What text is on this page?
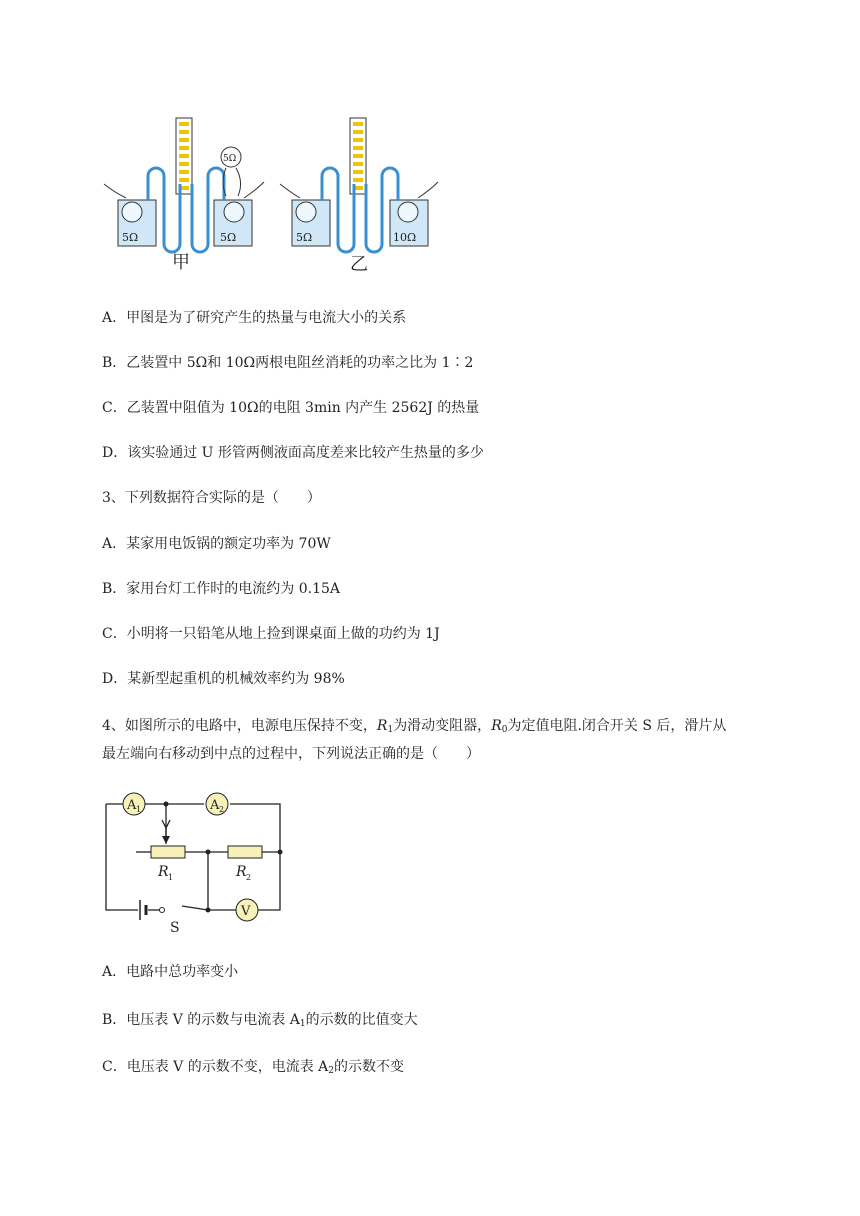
5Ω	5Ω
5Ω
甲
5Ω	10Ω
乙
A．甲图是为了研究产生的热量与电流大小的关系
B．乙装置中 5Ω和 10Ω两根电阻丝消耗的功率之比为 1∶2
C．乙装置中阻值为 10Ω的电阻 3min 内产生 2562J 的热量
D．该实验通过 U 形管两侧液面高度差来比较产生热量的多少
3、下列数据符合实际的是（　　）
A．某家用电饭锅的额定功率为 70W
B．家用台灯工作时的电流约为 0.15A
C．小明将一只铅笔从地上捡到课桌面上做的功约为 1J
D．某新型起重机的机械效率约为 98%
4、如图所示的电路中，电源电压保持不变，$R_1$为滑动变阻器，$R_0$为定值电阻.闭合开关 S 后，滑片从
最左端向右移动到中点的过程中，下列说法正确的是（　　）
A 1	A 2
V
R 1	R 2
S
A．电路中总功率变小
B．电压表 V 的示数与电流表 $A_1$的示数的比值变大
C．电压表 V 的示数不变，电流表 $A_2$的示数不变
